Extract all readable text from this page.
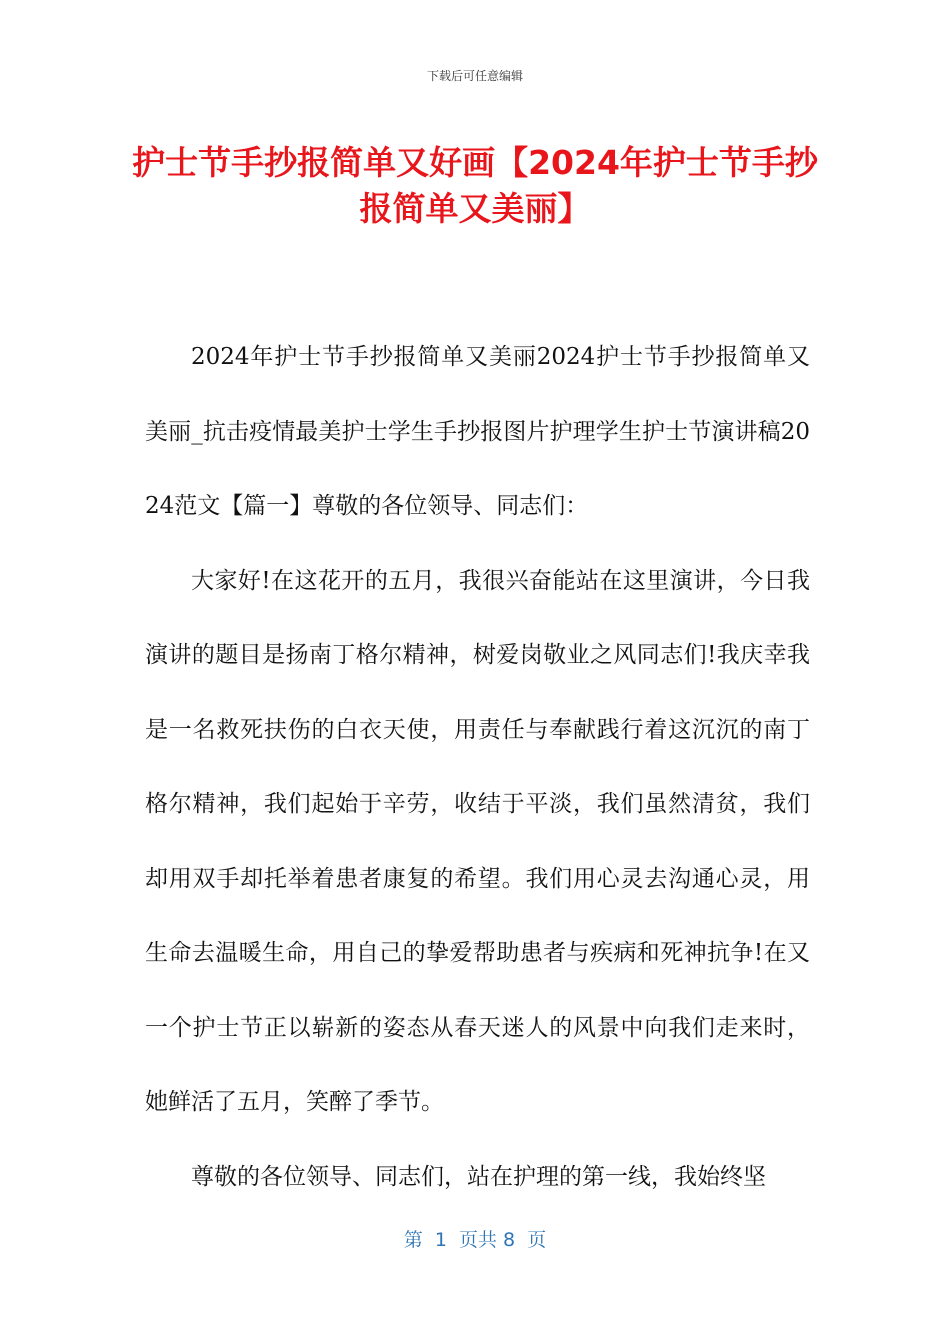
下载后可任意编辑
护士节手抄报简单又好画【2024年护士节手抄报简单又美丽】

2024年护士节手抄报简单又美丽2024护士节手抄报简单又美丽_抗击疫情最美护士学生手抄报图片护理学生护士节演讲稿2024范文【篇一】尊敬的各位领导、同志们：

大家好!在这花开的五月，我很兴奋能站在这里演讲，今日我演讲的题目是扬南丁格尔精神，树爱岗敬业之风同志们!我庆幸我是一名救死扶伤的白衣天使，用责任与奉献践行着这沉沉的南丁格尔精神，我们起始于辛劳，收结于平淡，我们虽然清贫，我们却用双手却托举着患者康复的希望。我们用心灵去沟通心灵，用生命去温暖生命，用自己的挚爱帮助患者与疾病和死神抗争!在又一个护士节正以崭新的姿态从春天迷人的风景中向我们走来时，她鲜活了五月，笑醉了季节。

尊敬的各位领导、同志们，站在护理的第一线，我始终坚

第  1  页共 8  页
